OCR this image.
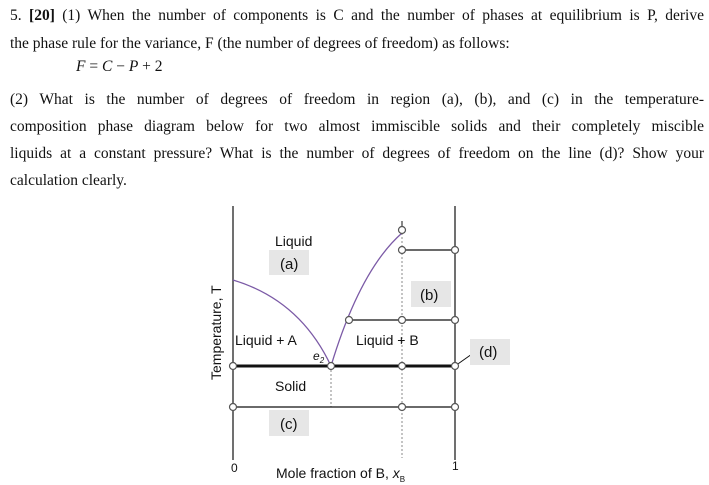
5. [20] (1) When the number of components is C and the number of phases at equilibrium is P, derive
the phase rule for the variance, F (the number of degrees of freedom) as follows:
F = C − P + 2
(2) What is the number of degrees of freedom in region (a), (b), and (c) in the temperature-
composition phase diagram below for two almost immiscible solids and their completely miscible
liquids at a constant pressure? What is the number of degrees of freedom on the line (d)? Show your
calculation clearly.
Liquid
(a)
(b)
Liquid + A	Liquid + B
$e_2$	(d)
Solid
(c)
Temperature, T
0	1
Mole fraction of B, $x_B$
